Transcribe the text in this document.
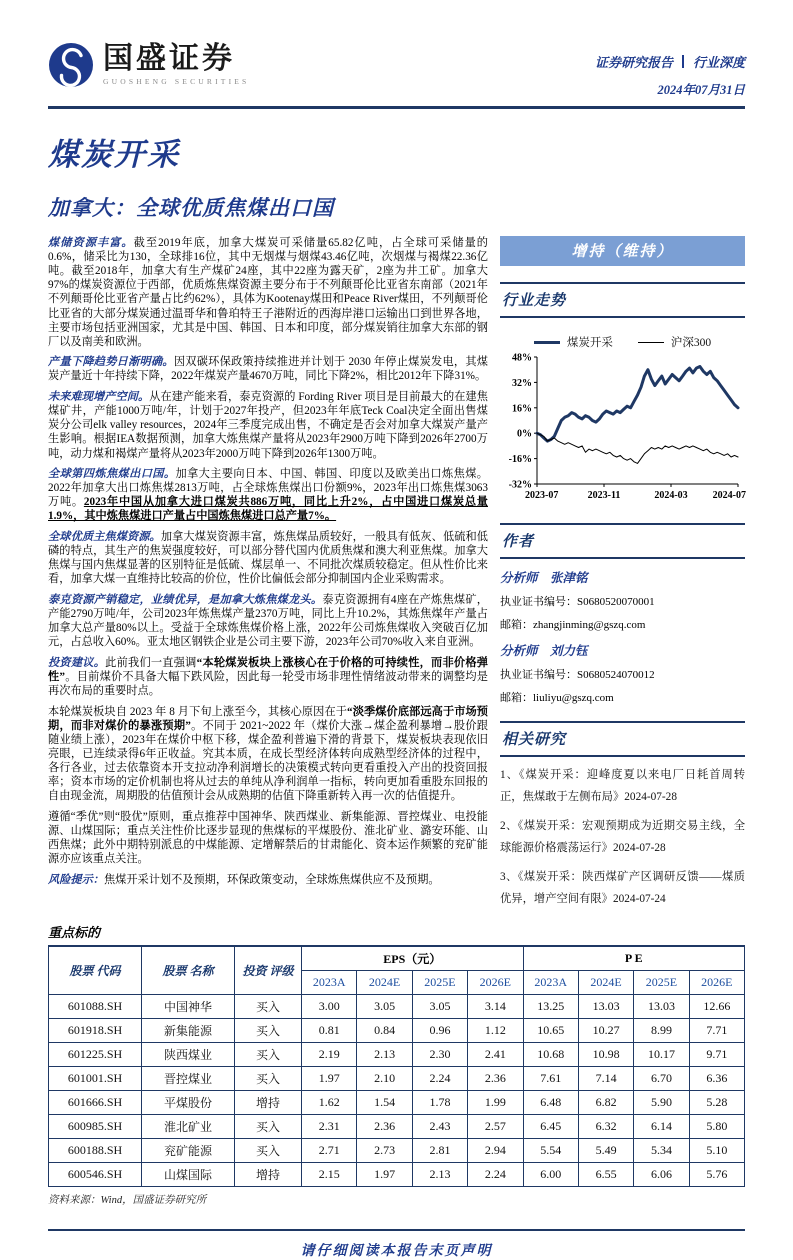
国盛证券
GUOSHENG SECURITIES
证券研究报告 行业深度
2024年07月31日
煤炭开采
加拿大：全球优质焦煤出口国

煤储资源丰富。截至2019年底，加拿大煤炭可采储量65.82亿吨，占全球可采储量的0.6%，储采比为130，全球排16位，其中无烟煤与烟煤43.46亿吨，次烟煤与褐煤22.36亿吨。截至2018年，加拿大有生产煤矿24座，其中22座为露天矿，2座为井工矿。加拿大97%的煤炭资源位于西部，优质炼焦煤资源主要分布于不列颠哥伦比亚省东南部（2021年不列颠哥伦比亚省产量占比约62%），具体为Kootenay煤田和Peace River煤田，不列颠哥伦比亚省的大部分煤炭通过温哥华和鲁珀特王子港附近的西海岸港口运输出口到世界各地，主要市场包括亚洲国家，尤其是中国、韩国、日本和印度，部分煤炭销往加拿大东部的钢厂以及南美和欧洲。

产量下降趋势日渐明确。因双碳环保政策持续推进并计划于 2030 年停止煤炭发电，其煤炭产量近十年持续下降，2022年煤炭产量4670万吨，同比下降2%，相比2012年下降31%。

未来难现增产空间。从在建产能来看，泰克资源的 Fording River 项目是目前最大的在建焦煤矿井，产能1000万吨/年，计划于2027年投产，但2023年年底Teck Coal决定全面出售煤炭分公司elk valley resources，2024年三季度完成出售，不确定是否会对加拿大煤炭产量产生影响。根据IEA数据预测，加拿大炼焦煤产量将从2023年2900万吨下降到2026年2700万吨，动力煤和褐煤产量将从2023年2000万吨下降到2026年1300万吨。

全球第四炼焦煤出口国。加拿大主要向日本、中国、韩国、印度以及欧美出口炼焦煤。2022年加拿大出口炼焦煤2813万吨，占全球炼焦煤出口份额9%，2023年出口炼焦煤3063万吨。2023年中国从加拿大进口煤炭共886万吨，同比上升2%，占中国进口煤炭总量1.9%，其中炼焦煤进口产量占中国炼焦煤进口总产量7%。

全球优质主焦煤资源。加拿大煤炭资源丰富，炼焦煤品质较好，一般具有低灰、低硫和低磷的特点，其生产的焦炭强度较好，可以部分替代国内优质焦煤和澳大利亚焦煤。加拿大焦煤与国内焦煤显著的区别特征是低硫、煤层单一、不同批次煤质较稳定。但从性价比来看，加拿大煤一直维持比较高的价位，性价比偏低会部分抑制国内企业采购需求。

泰克资源产销稳定，业绩优异，是加拿大炼焦煤龙头。泰克资源拥有4座在产炼焦煤矿，产能2790万吨/年，公司2023年炼焦煤产量2370万吨，同比上升10.2%，其炼焦煤年产量占加拿大总产量80%以上。受益于全球炼焦煤价格上涨，2022年公司炼焦煤收入突破百亿加元，占总收入60%。亚太地区钢铁企业是公司主要下游，2023年公司70%收入来自亚洲。

投资建议。此前我们一直强调“本轮煤炭板块上涨核心在于价格的可持续性，而非价格弹性”。目前煤价不具备大幅下跌风险，因此每一轮受市场非理性情绪波动带来的调整均是再次布局的重要时点。

本轮煤炭板块自 2023 年 8 月下旬上涨至今，其核心原因在于“淡季煤价底部远高于市场预期，而非对煤价的暴涨预期”。不同于 2021~2022 年（煤价大涨→煤企盈利暴增→股价跟随业绩上涨），2023年在煤价中枢下移，煤企盈利普遍下滑的背景下，煤炭板块表现依旧亮眼，已连续录得6年正收益。究其本质，在成长型经济体转向成熟型经济体的过程中，各行各业，过去依靠资本开支拉动净利润增长的决策模式转向更看重投入产出的投资回报率；资本市场的定价机制也将从过去的单纯从净利润单一指标，转向更加看重股东回报的自由现金流，周期股的估值预计会从成熟期的估值下降重新转入再一次的估值提升。

遵循“季优”则“股优”原则，重点推荐中国神华、陕西煤业、新集能源、晋控煤业、电投能源、山煤国际；重点关注性价比逐步显现的焦煤标的平煤股份、淮北矿业、潞安环能、山西焦煤；此外中期特别派息的中煤能源、定增解禁后的甘肃能化、资本运作频繁的兖矿能源亦应该重点关注。

风险提示：焦煤开采计划不及预期，环保政策变动，全球炼焦煤供应不及预期。

增持（维持）
行业走势
煤炭开采	沪深300
48%
32%
16%
0%
-16%
-32%
2023-07	2023-11	2024-03 2024-07
作者
分析师　张津铭
执业证书编号：S0680520070001
邮箱：zhangjinming@gszq.com
分析师　刘力钰
执业证书编号：S0680524070012
邮箱：liuliyu@gszq.com
相关研究
1、《煤炭开采：迎峰度夏以来电厂日耗首周转正，焦煤敢于左侧布局》2024-07-28
2、《煤炭开采：宏观预期成为近期交易主线，全球能源价格震荡运行》2024-07-28
3、《煤炭开采：陕西煤矿产区调研反馈——煤质优异，增产空间有限》2024-07-24
重点标的
股票 代码	股票 名称	投资 评级	EPS（元）				P E			
			2023A	2024E	2025E	2026E	2023A	2024E	2025E	2026E
601088.SH	中国神华	买入	3.00	3.05	3.05	3.14	13.25	13.03	13.03	12.66
601918.SH	新集能源	买入	0.81	0.84	0.96	1.12	10.65	10.27	8.99	7.71
601225.SH	陕西煤业	买入	2.19	2.13	2.30	2.41	10.68	10.98	10.17	9.71
601001.SH	晋控煤业	买入	1.97	2.10	2.24	2.36	7.61	7.14	6.70	6.36
601666.SH	平煤股份	增持	1.62	1.54	1.78	1.99	6.48	6.82	5.90	5.28
600985.SH	淮北矿业	买入	2.31	2.36	2.43	2.57	6.45	6.32	6.14	5.80
600188.SH	兖矿能源	买入	2.71	2.73	2.81	2.94	5.54	5.49	5.34	5.10
600546.SH	山煤国际	增持	2.15	1.97	2.13	2.24	6.00	6.55	6.06	5.76
资料来源：Wind，国盛证券研究所
请仔细阅读本报告末页声明
